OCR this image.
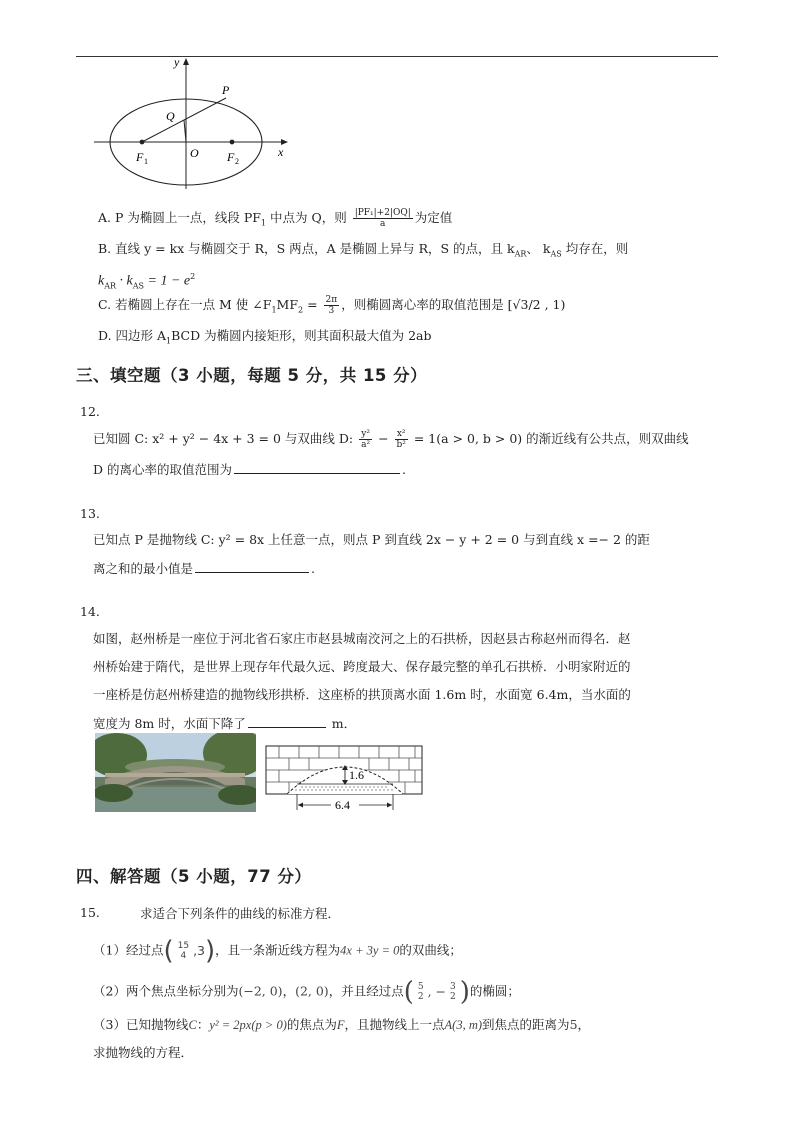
y
x
P
Q
O
F 1	F 2
A. P 为椭圆上一点，线段 $PF_1$ 中点为 Q，则 $\frac{\text{|PF₁|+2|OQ|}}{a}$ 为定值
B. 直线 y = kx 与椭圆交于 R，S 两点，A 是椭圆上异与 R，S 的点，且 $k_{AR}$、 $k_{AS}$ 均存在，则
$k_{AR} \cdot k_{AS} = 1 - e^2$
C. 若椭圆上存在一点 M 使 $\angle F_1MF_2 = \frac{2\pi}{3}$ ，则椭圆离心率的取值范围是 [√3/2 , 1)
D. 四边形 $A_1BCD$ 为椭圆内接矩形，则其面积最大值为 2ab
三、填空题（3 小题，每题 5 分，共 15 分）
12.
已知圆 C: x² + y² − 4x + 3 = 0 与双曲线 D: $\frac{\text{y²}}{\text{a²}} - \frac{\text{x²}}{\text{b²}} = 1(a > 0$, b > 0) 的渐近线有公共点，则双曲线
D 的离心率的取值范围为	.
13.
已知点 P 是抛物线 C: y² = 8x 上任意一点，则点 P 到直线 2x − y + 2 = 0 与到直线 x =− 2 的距
离之和的最小值是	.
14.
如图，赵州桥是一座位于河北省石家庄市赵县城南洨河之上的石拱桥，因赵县古称赵州而得名．赵
州桥始建于隋代，是世界上现存年代最久远、跨度最大、保存最完整的单孔石拱桥．小明家附近的
一座桥是仿赵州桥建造的抛物线形拱桥．这座桥的拱顶离水面 1.6m 时，水面宽 6.4m，当水面的
宽度为 8m 时，水面下降了	m．
1.6
6.4
四、解答题（5 小题，77 分）
15.	求适合下列条件的曲线的标准方程．
（1）经过点( 15
4 ,3)，且一条渐近线方程为4x + 3y = 0的双曲线；
（2）两个焦点坐标分别为(−2, 0)，(2, 0)，并且经过点( 5
2 , − 3
2 )的椭圆；
（3）已知抛物线C：y² = 2px(p > 0)的焦点为F，且抛物线上一点A(3, m)到焦点的距离为5，
求抛物线的方程．
